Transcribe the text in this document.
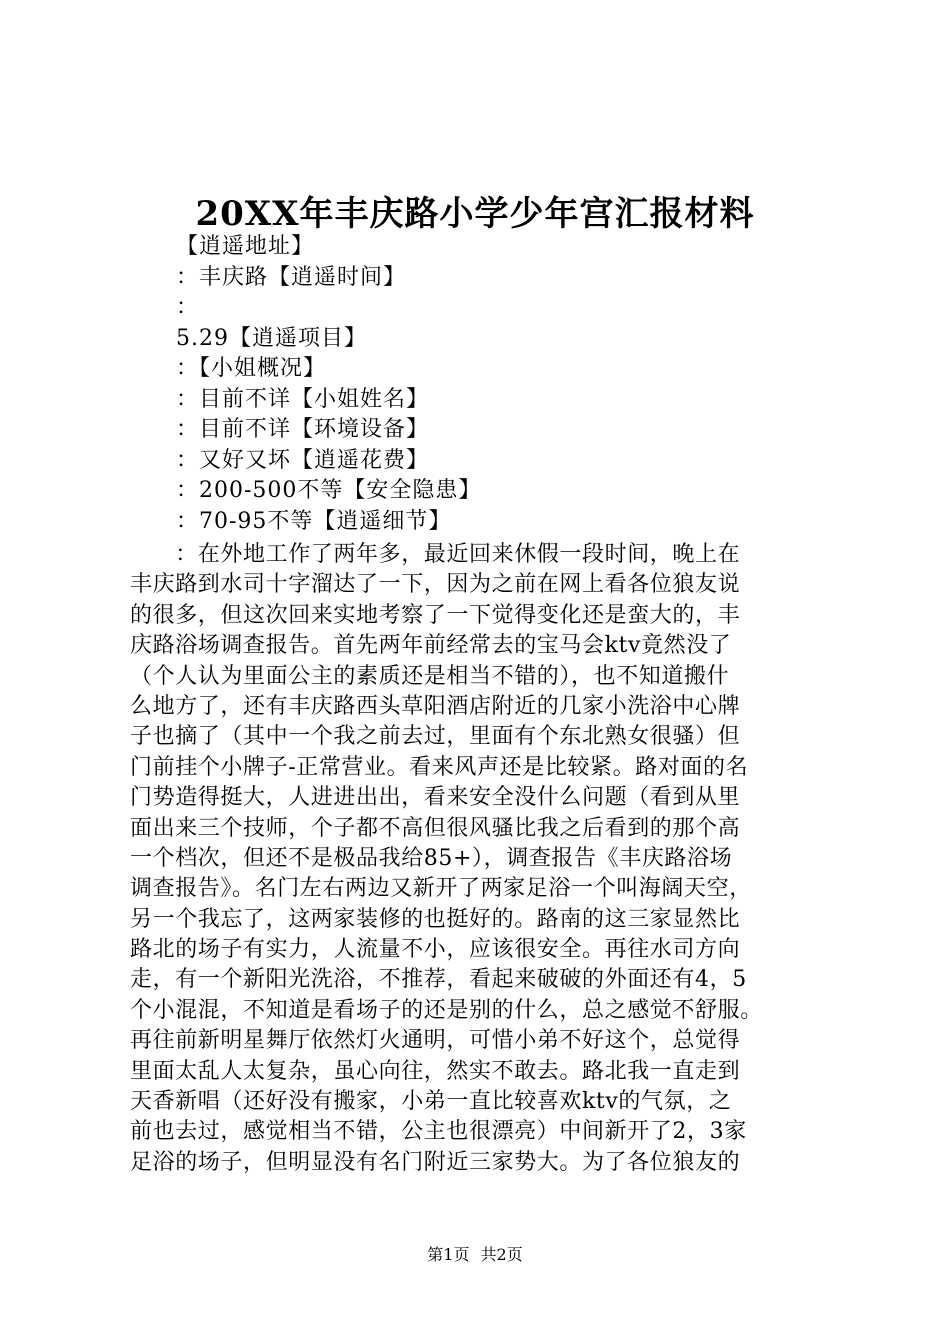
20XX年丰庆路小学少年宫汇报材料
【逍遥地址】
：丰庆路【逍遥时间】
：
5.29【逍遥项目】
：【小姐概况】
：目前不详【小姐姓名】
：目前不详【环境设备】
：又好又坏【逍遥花费】
：200-500不等【安全隐患】
：70-95不等【逍遥细节】
　　：在外地工作了两年多，最近回来休假一段时间，晚上在
丰庆路到水司十字溜达了一下，因为之前在网上看各位狼友说
的很多，但这次回来实地考察了一下觉得变化还是蛮大的，丰
庆路浴场调查报告。首先两年前经常去的宝马会ktv竟然没了
（个人认为里面公主的素质还是相当不错的），也不知道搬什
么地方了，还有丰庆路西头草阳酒店附近的几家小洗浴中心牌
子也摘了（其中一个我之前去过，里面有个东北熟女很骚）但
门前挂个小牌子-正常营业。看来风声还是比较紧。路对面的名
门势造得挺大，人进进出出，看来安全没什么问题（看到从里
面出来三个技师，个子都不高但很风骚比我之后看到的那个高
一个档次，但还不是极品我给85+），调查报告《丰庆路浴场
调查报告》。名门左右两边又新开了两家足浴一个叫海阔天空，
另一个我忘了，这两家装修的也挺好的。路南的这三家显然比
路北的场子有实力，人流量不小，应该很安全。再往水司方向
走，有一个新阳光洗浴，不推荐，看起来破破的外面还有4，5
个小混混，不知道是看场子的还是别的什么，总之感觉不舒服。
再往前新明星舞厅依然灯火通明，可惜小弟不好这个，总觉得
里面太乱人太复杂，虽心向往，然实不敢去。路北我一直走到
天香新唱（还好没有搬家，小弟一直比较喜欢ktv的气氛，之
前也去过，感觉相当不错，公主也很漂亮）中间新开了2，3家
足浴的场子，但明显没有名门附近三家势大。为了各位狼友的
第1页 共2页
